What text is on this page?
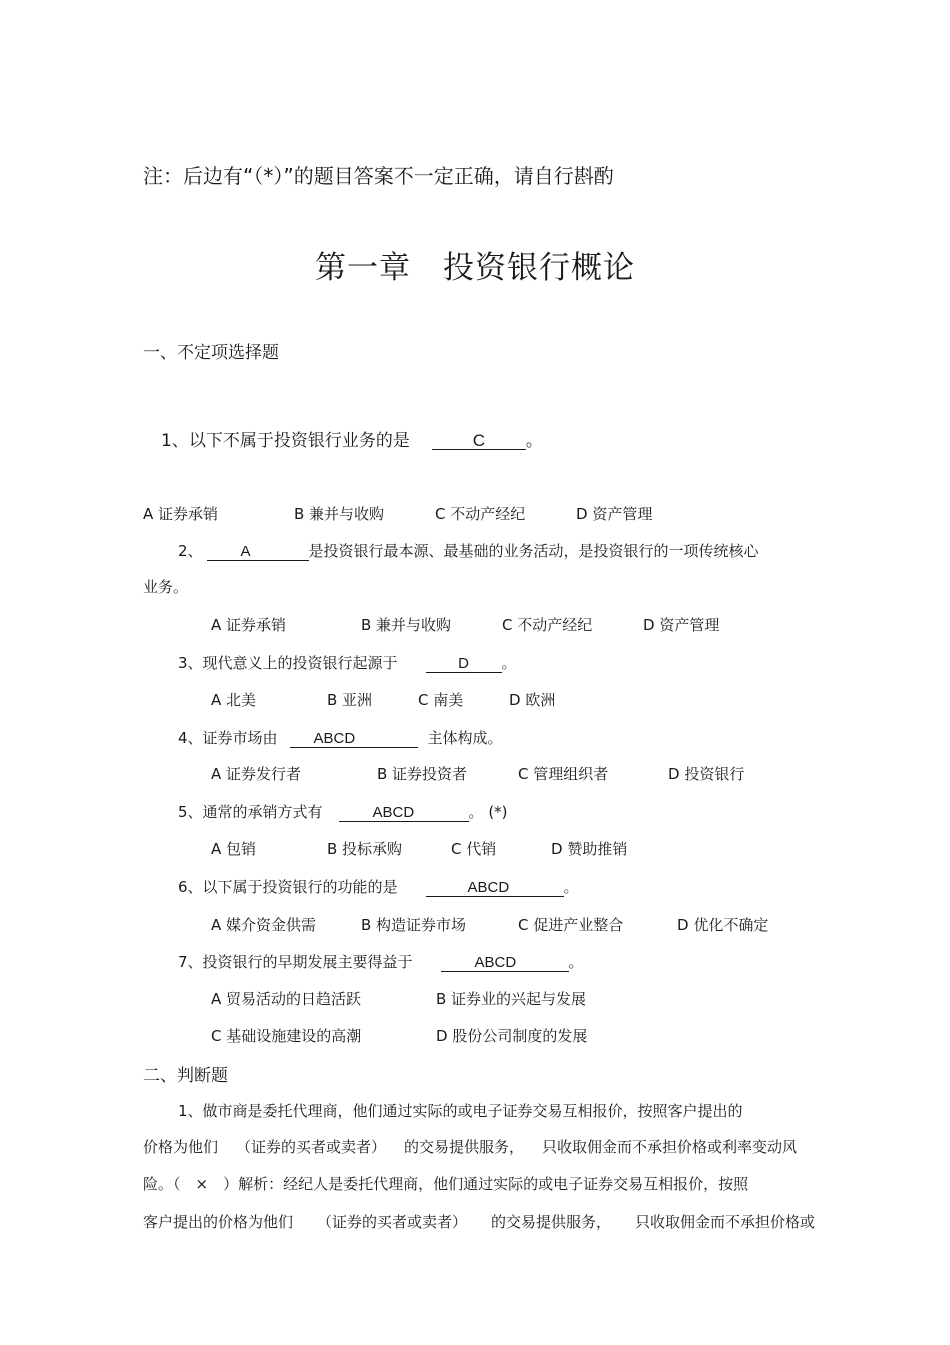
注：后边有“（*）”的题目答案不一定正确，请自行斟酌
第一章　投资银行概论
一、不定项选择题
1、以下不属于投资银行业务的是	C 。
A 证券承销	B 兼并与收购	C 不动产经纪	D 资产管理
2、	A	是投资银行最本源、最基础的业务活动，是投资银行的一项传统核心
业务。
A 证券承销	B 兼并与收购	C 不动产经纪	D 资产管理
3、现代意义上的投资银行起源于	D 。
A 北美	B 亚洲	C 南美	D 欧洲
4、证券市场由 ABCD	主体构成。
A 证券发行者	B 证券投资者	C 管理组织者	D 投资银行
5、通常的承销方式有	ABCD	。 (*)
A 包销	B 投标承购	C 代销	D 赞助推销
6、以下属于投资银行的功能的是	ABCD	。
A 媒介资金供需	B 构造证券市场	C 促进产业整合	D 优化不确定
7、投资银行的早期发展主要得益于	ABCD	。
A 贸易活动的日趋活跃	B 证券业的兴起与发展
C 基础设施建设的高潮	D 股份公司制度的发展
二、判断题
1、做市商是委托代理商，他们通过实际的或电子证券交易互相报价，按照客户提出的
价格为他们 （证券的买者或卖者） 的交易提供服务， 只收取佣金而不承担价格或利率变动风
险。（　×　）解析：经纪人是委托代理商，他们通过实际的或电子证券交易互相报价，按照
客户提出的价格为他们 （证券的买者或卖者） 的交易提供服务， 只收取佣金而不承担价格或
